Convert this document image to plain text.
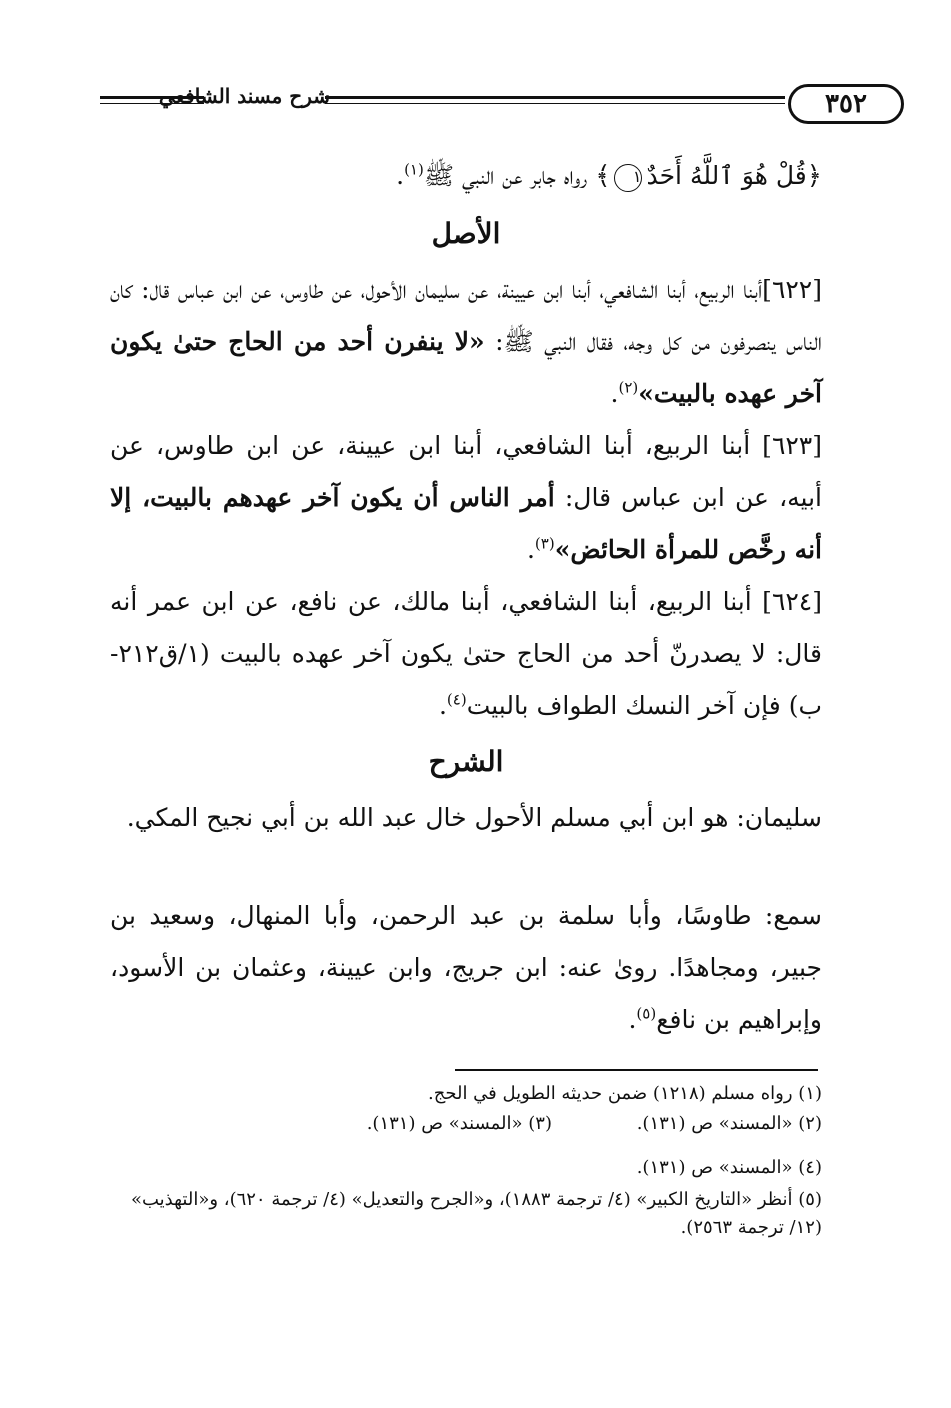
٣٥٢
شرح مسند الشافعي

﴿قُلْ هُوَ ٱللَّهُ أَحَدٌ١﴾ رواه جابر عن النبي ﷺ$^{(١)}$.

الأصل

[٦٢٢]أبنا الربيع، أبنا الشافعي، أبنا ابن عيينة، عن سليمان الأحول، عن طاوس، عن ابن عباس قال: كان الناس ينصرفون من كل وجه، فقال النبي ﷺ: «لا ينفرن أحد من الحاج حتىٰ يكون آخر عهده بالبيت»$^{(٢)}$.

[٦٢٣] أبنا الربيع، أبنا الشافعي، أبنا ابن عيينة، عن ابن طاوس، عن أبيه، عن ابن عباس قال: أمر الناس أن يكون آخر عهدهم بالبيت، إلا أنه رخَّص للمرأة الحائض»$^{(٣)}$.

[٦٢٤] أبنا الربيع، أبنا الشافعي، أبنا مالك، عن نافع، عن ابن عمر أنه قال: لا يصدرنّ أحد من الحاج حتىٰ يكون آخر عهده بالبيت (١/ق٢١٢-ب) فإن آخر النسك الطواف بالبيت$^{(٤)}$.

الشرح

سليمان: هو ابن أبي مسلم الأحول خال عبد الله بن أبي نجيح المكي.

سمع: طاوسًا، وأبا سلمة بن عبد الرحمن، وأبا المنهال، وسعيد بن جبير، ومجاهدًا. روىٰ عنه: ابن جريج، وابن عيينة، وعثمان بن الأسود، وإبراهيم بن نافع$^{(٥)}$.

(١) رواه مسلم (١٢١٨) ضمن حديثه الطويل في الحج.

(٢) «المسند» ص (١٣١).
(٣) «المسند» ص (١٣١).

(٤) «المسند» ص (١٣١).

(٥) أنظر «التاريخ الكبير» (٤/ ترجمة ١٨٨٣)، و«الجرح والتعديل» (٤/ ترجمة ٦٢٠)، و«التهذيب» (١٢/ ترجمة ٢٥٦٣).
